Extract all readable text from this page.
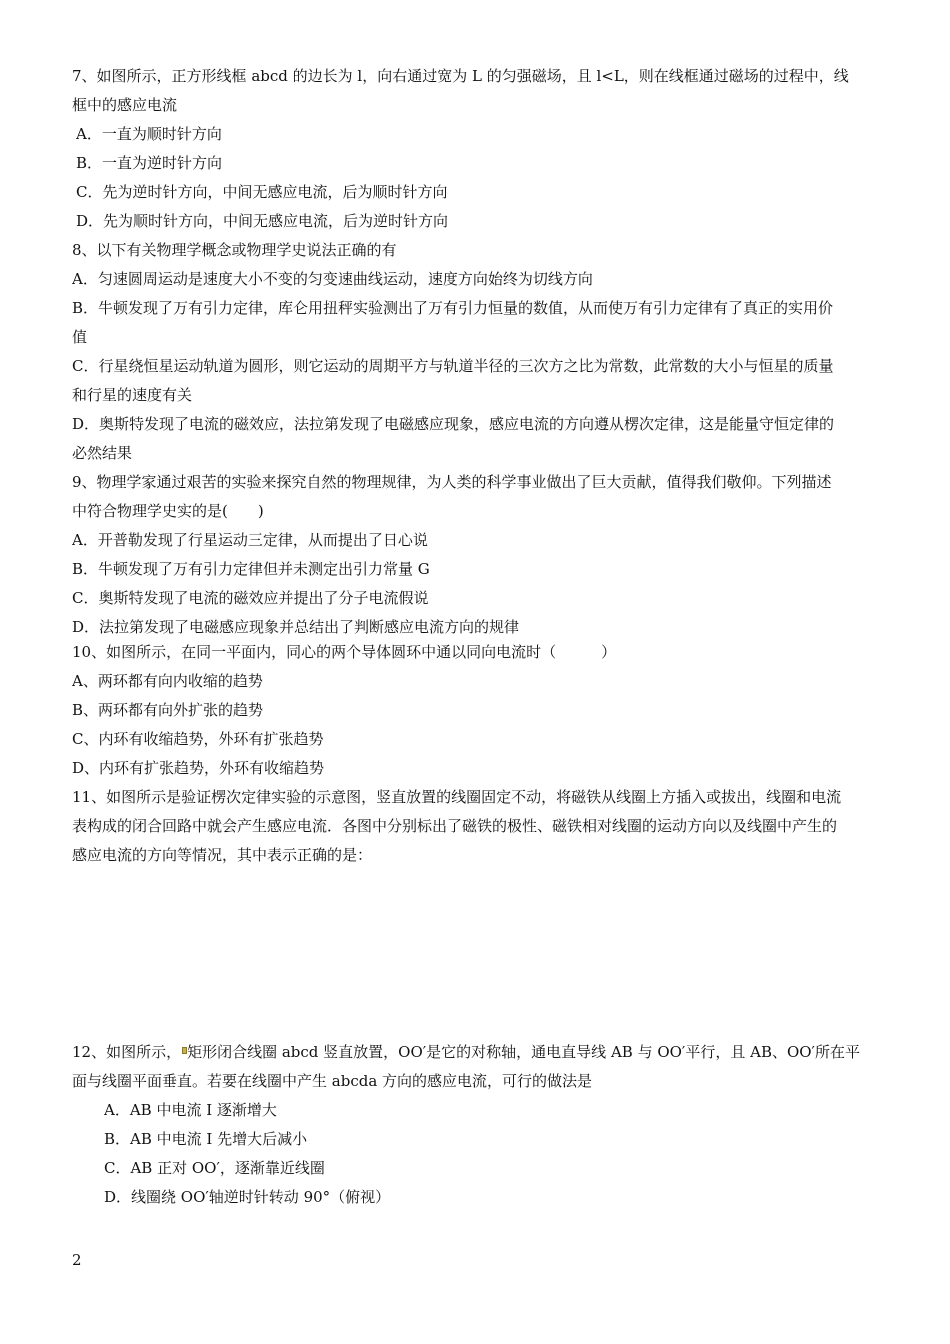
7、如图所示，正方形线框 abcd 的边长为 l，向右通过宽为 L 的匀强磁场，且 l<L，则在线框通过磁场的过程中，线
框中的感应电流
A．一直为顺时针方向
B．一直为逆时针方向
C．先为逆时针方向，中间无感应电流，后为顺时针方向
D．先为顺时针方向，中间无感应电流，后为逆时针方向
8、以下有关物理学概念或物理学史说法正确的有
A．匀速圆周运动是速度大小不变的匀变速曲线运动，速度方向始终为切线方向
B．牛顿发现了万有引力定律，库仑用扭秤实验测出了万有引力恒量的数值，从而使万有引力定律有了真正的实用价
值
C．行星绕恒星运动轨道为圆形，则它运动的周期平方与轨道半径的三次方之比为常数，此常数的大小与恒星的质量
和行星的速度有关
D．奥斯特发现了电流的磁效应，法拉第发现了电磁感应现象，感应电流的方向遵从楞次定律，这是能量守恒定律的
必然结果
9、物理学家通过艰苦的实验来探究自然的物理规律，为人类的科学事业做出了巨大贡献，值得我们敬仰。下列描述
中符合物理学史实的是(　　)
A．开普勒发现了行星运动三定律，从而提出了日心说
B．牛顿发现了万有引力定律但并未测定出引力常量 G
C．奥斯特发现了电流的磁效应并提出了分子电流假说
D．法拉第发现了电磁感应现象并总结出了判断感应电流方向的规律
10、如图所示，在同一平面内，同心的两个导体圆环中通以同向电流时（　　　）
A、两环都有向内收缩的趋势
B、两环都有向外扩张的趋势
C、内环有收缩趋势，外环有扩张趋势
D、内环有扩张趋势，外环有收缩趋势
11、如图所示是验证楞次定律实验的示意图，竖直放置的线圈固定不动，将磁铁从线圈上方插入或拔出，线圈和电流
表构成的闭合回路中就会产生感应电流．各图中分别标出了磁铁的极性、磁铁相对线圈的运动方向以及线圈中产生的
感应电流的方向等情况，其中表示正确的是：
12、如图所示， 矩形闭合线圈 abcd 竖直放置，OO′是它的对称轴，通电直导线 AB 与 OO′平行，且 AB、OO′所在平
面与线圈平面垂直。若要在线圈中产生 abcda 方向的感应电流，可行的做法是
A．AB 中电流 I 逐渐增大
B．AB 中电流 I 先增大后减小
C．AB 正对 OO′，逐渐靠近线圈
D．线圈绕 OO′轴逆时针转动 90°（俯视）
2
